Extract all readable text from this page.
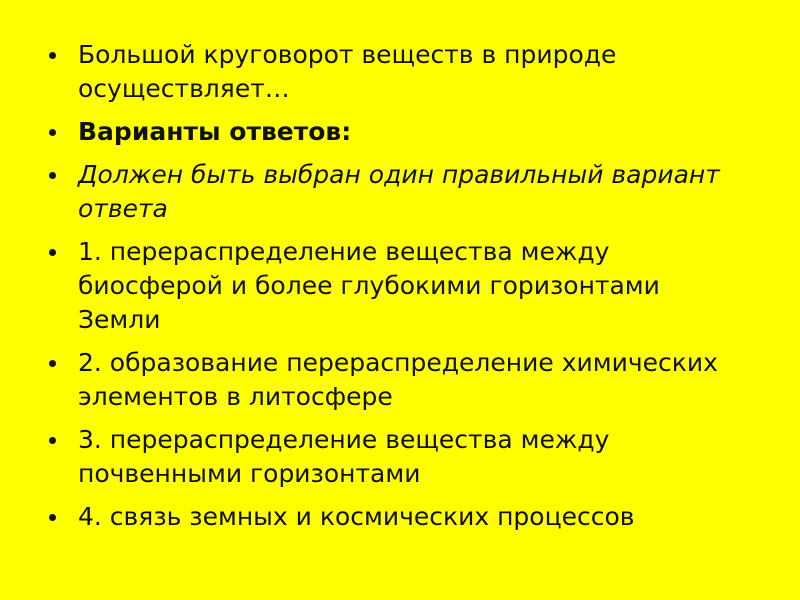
Большой круговорот веществ в природе осуществляет…
Варианты ответов:
Должен быть выбран один правильный вариант ответа
1. перераспределение вещества между биосферой и более глубокими горизонтами Земли
2. образование перераспределение химических элементов в литосфере
3. перераспределение вещества между почвенными горизонтами
4. связь земных и космических процессов
